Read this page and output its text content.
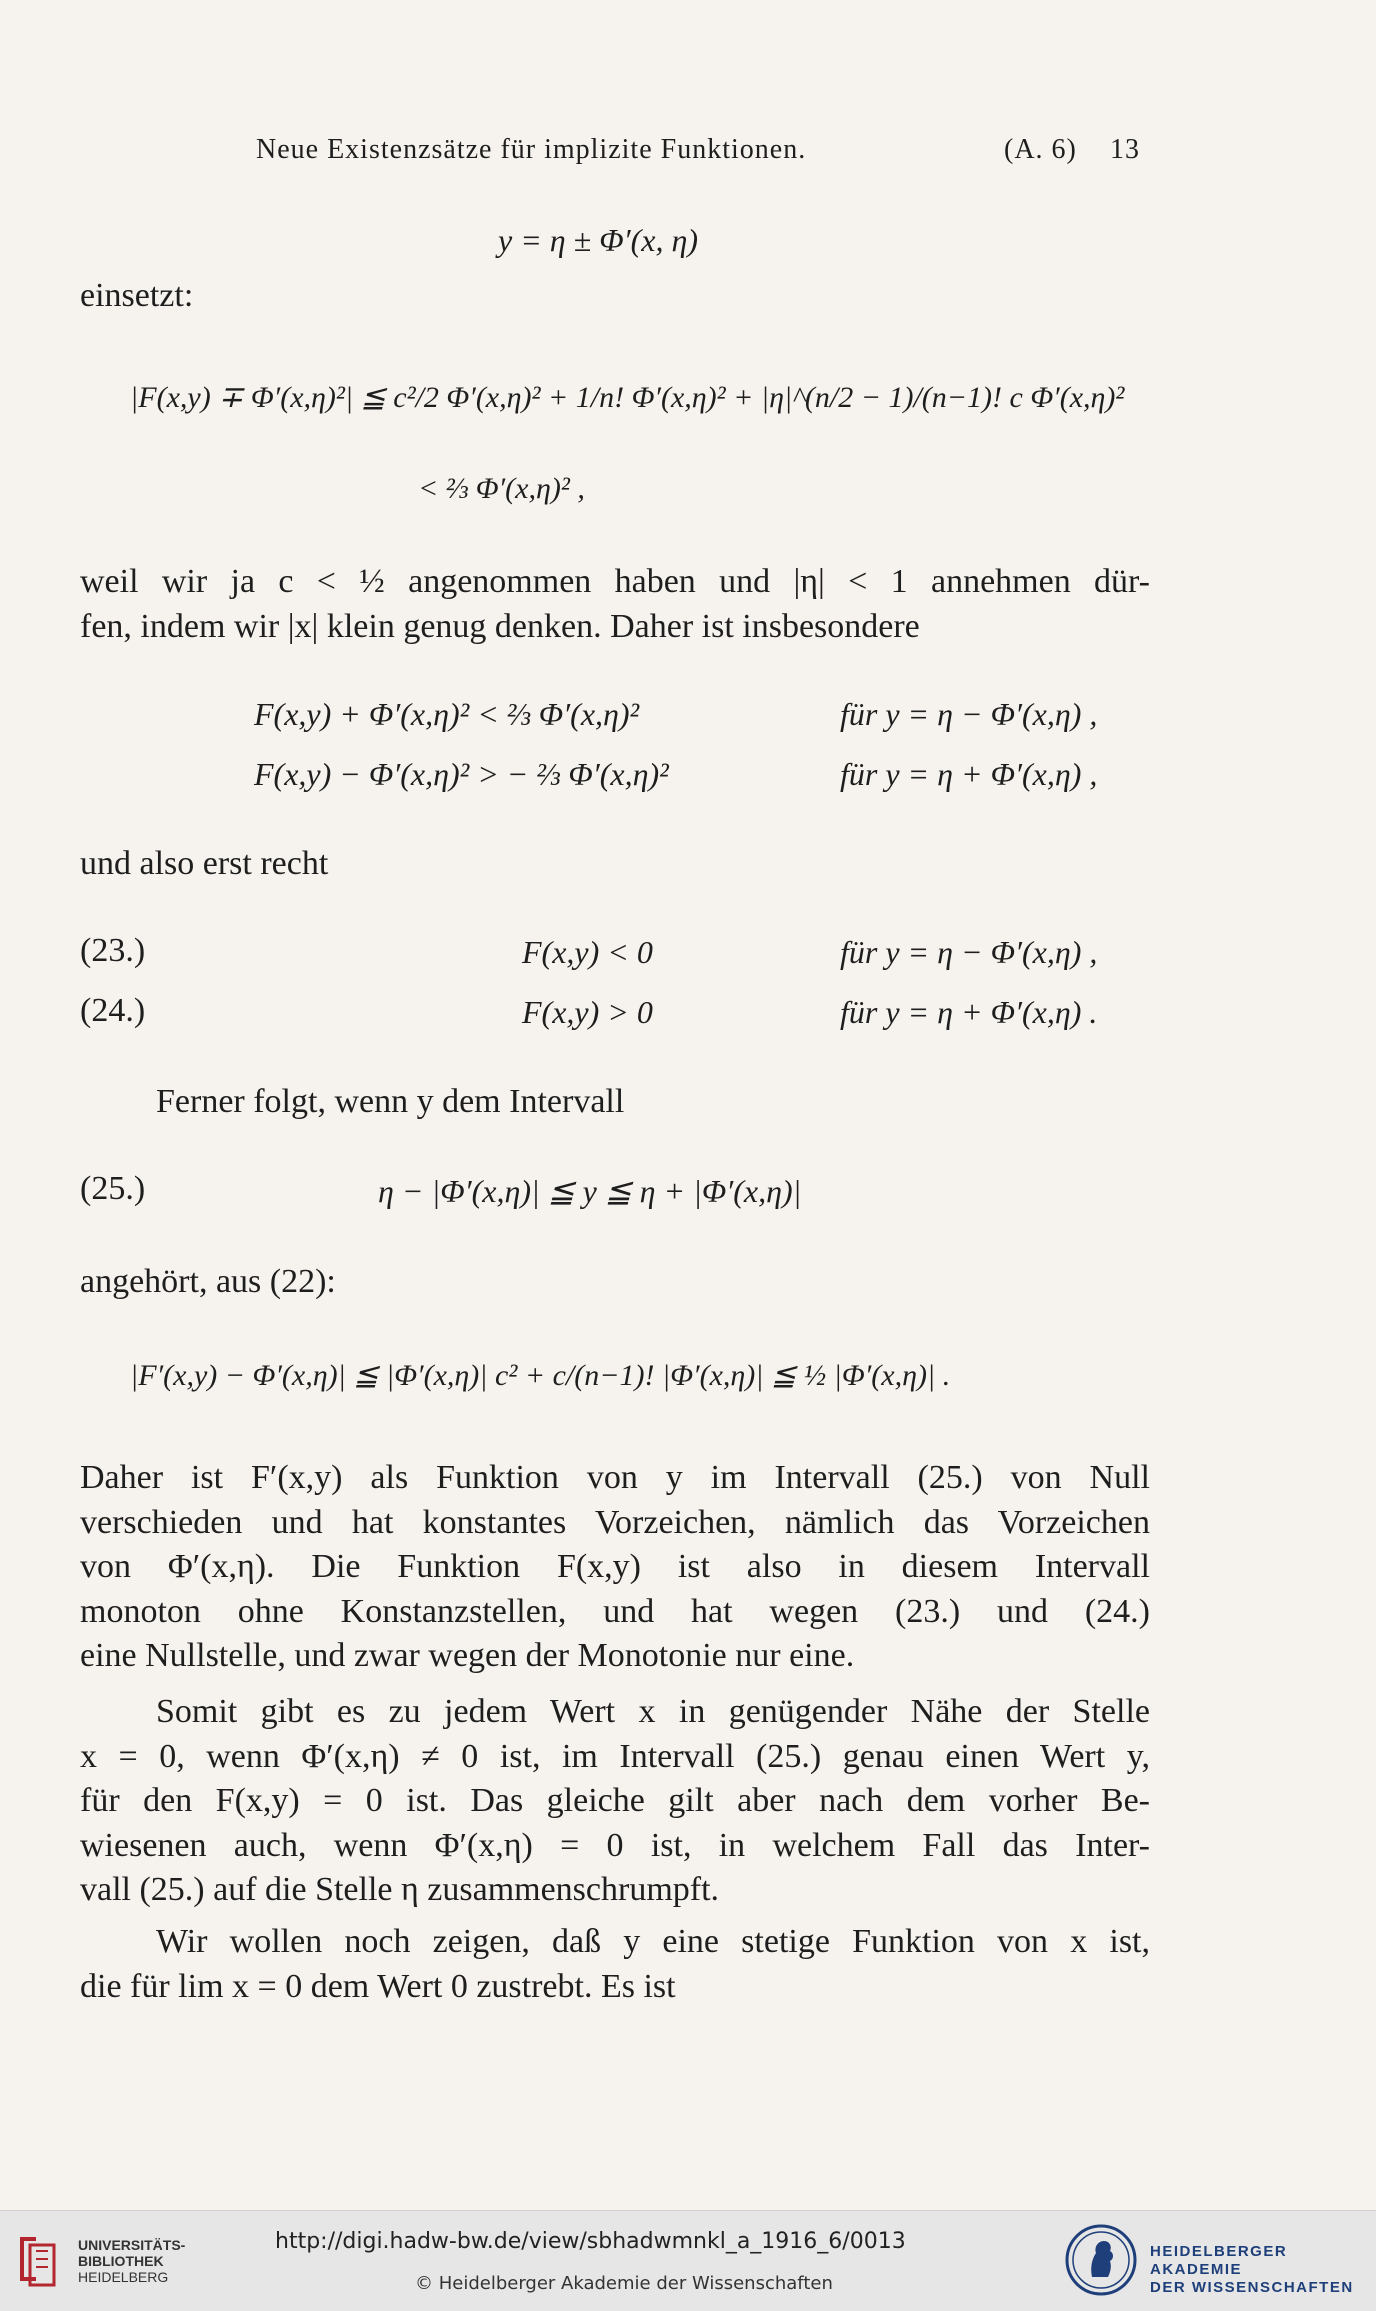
Neue Existenzsätze für implizite Funktionen.	(A. 6) 13
y = η ± Φ′(x, η)
einsetzt:
|F(x,y) ∓ Φ′(x,η)²| ≦ c²/2 Φ′(x,η)² + 1/n! Φ′(x,η)² + |η|^(n/2 − 1)/(n−1)! c Φ′(x,η)²
< ⅔ Φ′(x,η)² ,
weil wir ja c < ½ angenommen haben und |η| < 1 annehmen dür-
fen, indem wir |x| klein genug denken. Daher ist insbesondere
F(x,y) + Φ′(x,η)² < ⅔ Φ′(x,η)²	für y = η − Φ′(x,η) ,
F(x,y) − Φ′(x,η)² > − ⅔ Φ′(x,η)²	für y = η + Φ′(x,η) ,
und also erst recht
(23.)	F(x,y) < 0	für y = η − Φ′(x,η) ,
(24.)	F(x,y) > 0	für y = η + Φ′(x,η) .
Ferner folgt, wenn y dem Intervall
(25.)	η − |Φ′(x,η)| ≦ y ≦ η + |Φ′(x,η)|
angehört, aus (22):
|F′(x,y) − Φ′(x,η)| ≦ |Φ′(x,η)| c² + c/(n−1)! |Φ′(x,η)| ≦ ½ |Φ′(x,η)| .
Daher ist F′(x,y) als Funktion von y im Intervall (25.) von Null
verschieden und hat konstantes Vorzeichen, nämlich das Vorzeichen
von Φ′(x,η). Die Funktion F(x,y) ist also in diesem Intervall
monoton ohne Konstanzstellen, und hat wegen (23.) und (24.)
eine Nullstelle, und zwar wegen der Monotonie nur eine.
Somit gibt es zu jedem Wert x in genügender Nähe der Stelle
x = 0, wenn Φ′(x,η) ≠ 0 ist, im Intervall (25.) genau einen Wert y,
für den F(x,y) = 0 ist. Das gleiche gilt aber nach dem vorher Be-
wiesenen auch, wenn Φ′(x,η) = 0 ist, in welchem Fall das Inter-
vall (25.) auf die Stelle η zusammenschrumpft.
Wir wollen noch zeigen, daß y eine stetige Funktion von x ist,
die für lim x = 0 dem Wert 0 zustrebt. Es ist
UNIVERSITÄTS-
BIBLIOTHEK
HEIDELBERG
http://digi.hadw-bw.de/view/sbhadwmnkl_a_1916_6/0013
© Heidelberger Akademie der Wissenschaften
HEIDELBERGER AKADEMIE
DER WISSENSCHAFTEN
